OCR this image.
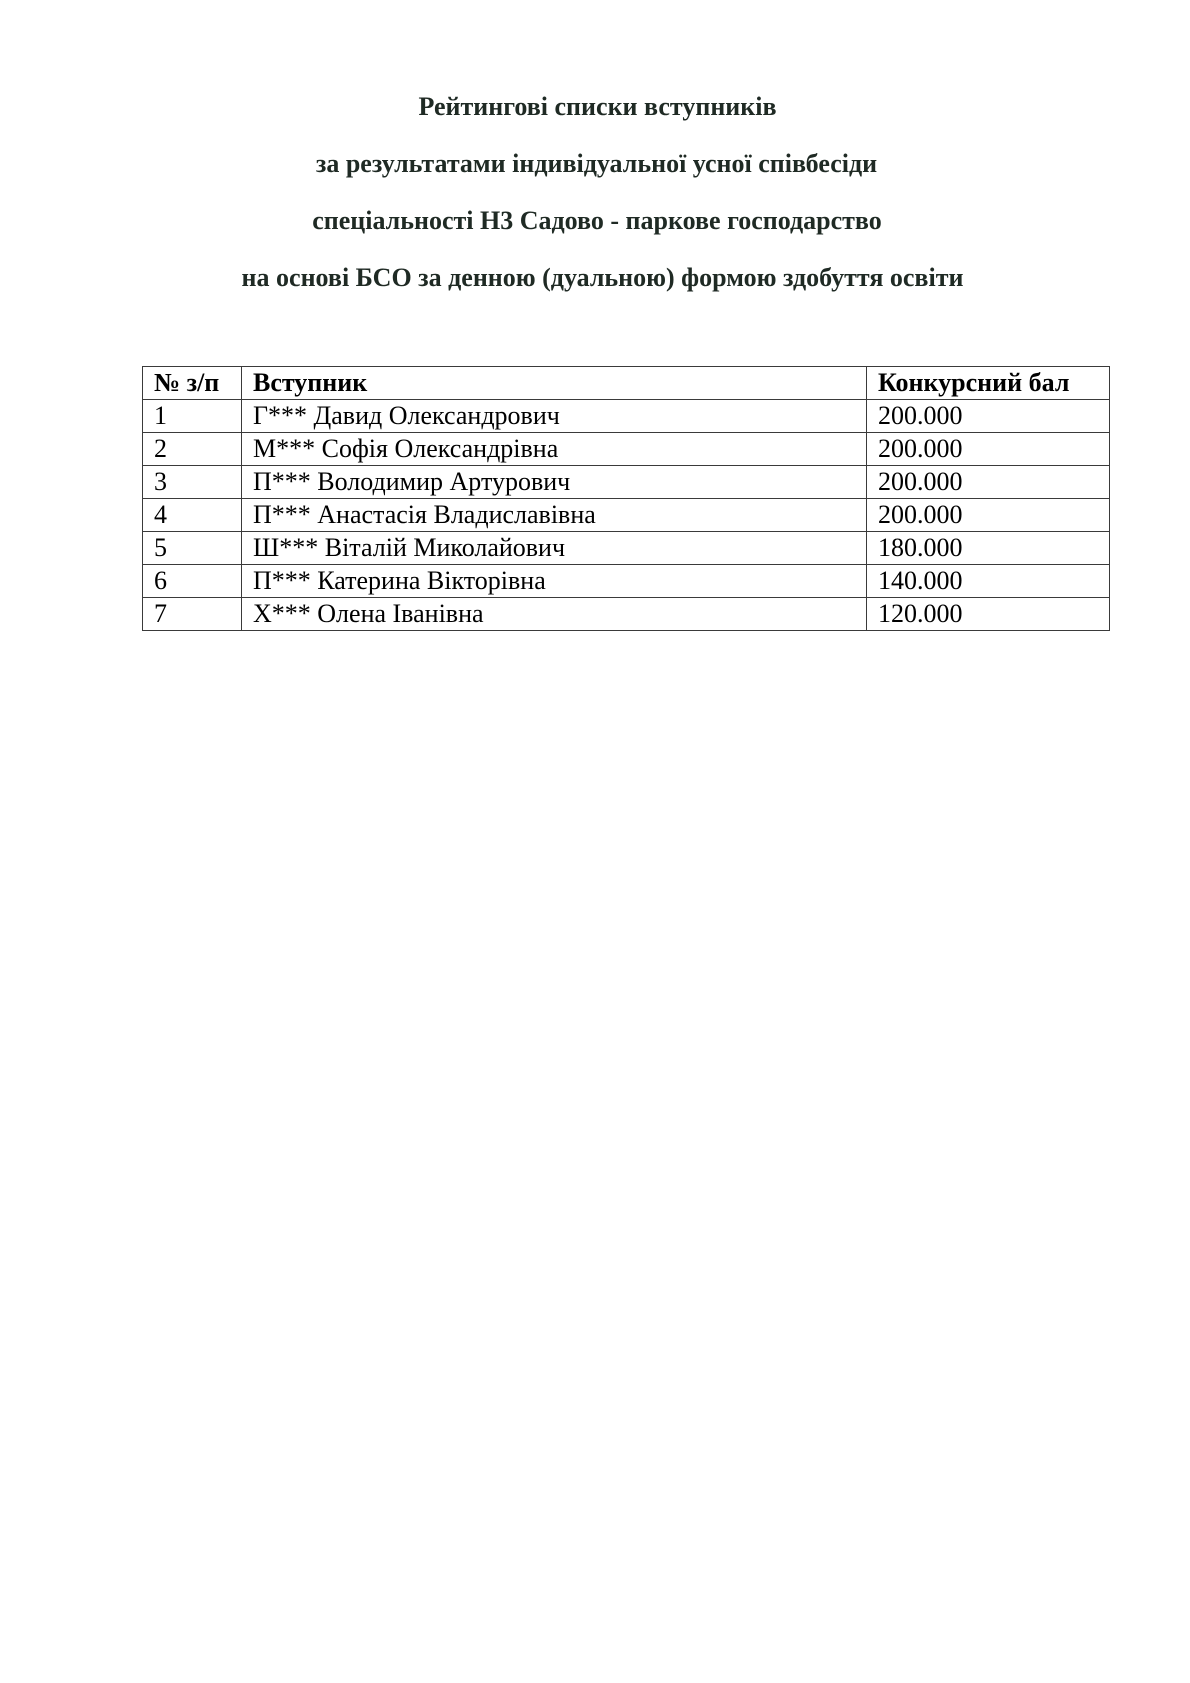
Рейтингові списки вступників
за результатами індивідуальної усної співбесіди
спеціальності Н3 Садово - паркове господарство
на основі БСО за денною (дуальною) формою здобуття освіти
№ з/п	Вступник	Конкурсний бал
1	Г*** Давид Олександрович	200.000
2	М*** Софія Олександрівна	200.000
3	П*** Володимир Артурович	200.000
4	П*** Анастасія Владиславівна	200.000
5	Ш*** Віталій Миколайович	180.000
6	П*** Катерина Вікторівна	140.000
7	Х*** Олена Іванівна	120.000
